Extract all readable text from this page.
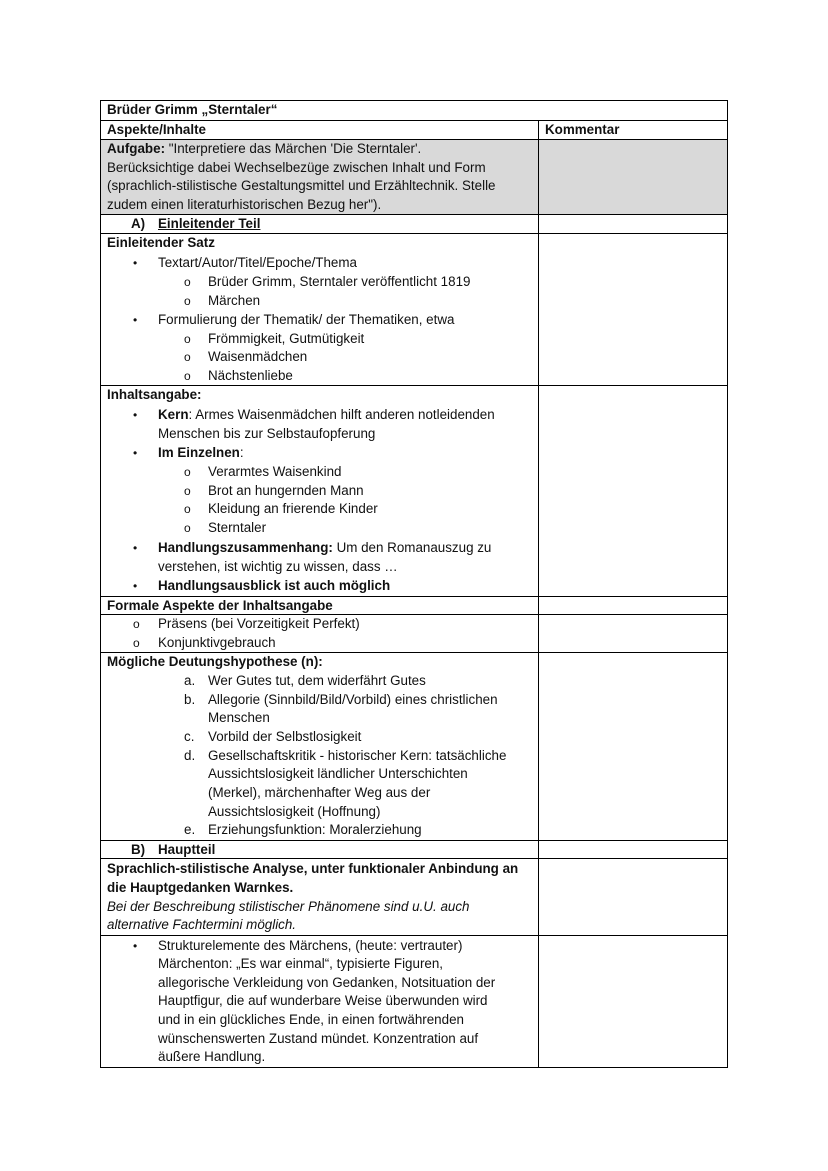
Brüder Grimm „Sterntaler“
Aspekte/Inhalte	Kommentar
Aufgabe: "Interpretiere das Märchen 'Die Sterntaler'.
Berücksichtige dabei Wechselbezüge zwischen Inhalt und Form
(sprachlich-stilistische Gestaltungsmittel und Erzähltechnik. Stelle
zudem einen literaturhistorischen Bezug her").
A) Einleitender Teil
Einleitender Satz
• Textart/Autor/Titel/Epoche/Thema
o Brüder Grimm, Sterntaler veröffentlicht 1819
o Märchen
• Formulierung der Thematik/ der Thematiken, etwa
o Frömmigkeit, Gutmütigkeit
o Waisenmädchen
o Nächstenliebe
Inhaltsangabe:
• Kern: Armes Waisenmädchen hilft anderen notleidenden
Menschen bis zur Selbstaufopferung
• Im Einzelnen:
o Verarmtes Waisenkind
o Brot an hungernden Mann
o Kleidung an frierende Kinder
o Sterntaler
• Handlungszusammenhang: Um den Romanauszug zu
verstehen, ist wichtig zu wissen, dass …
• Handlungsausblick ist auch möglich
Formale Aspekte der Inhaltsangabe
o Präsens (bei Vorzeitigkeit Perfekt)
o Konjunktivgebrauch
Mögliche Deutungshypothese (n):
a. Wer Gutes tut, dem widerfährt Gutes
b. Allegorie (Sinnbild/Bild/Vorbild) eines christlichen
Menschen
c. Vorbild der Selbstlosigkeit
d. Gesellschaftskritik - historischer Kern: tatsächliche
Aussichtslosigkeit ländlicher Unterschichten
(Merkel), märchenhafter Weg aus der
Aussichtslosigkeit (Hoffnung)
e. Erziehungsfunktion: Moralerziehung
B) Hauptteil
Sprachlich-stilistische Analyse, unter funktionaler Anbindung an
die Hauptgedanken Warnkes.
Bei der Beschreibung stilistischer Phänomene sind u.U. auch
alternative Fachtermini möglich.
• Strukturelemente des Märchens, (heute: vertrauter)
Märchenton: „Es war einmal“, typisierte Figuren,
allegorische Verkleidung von Gedanken, Notsituation der
Hauptfigur, die auf wunderbare Weise überwunden wird
und in ein glückliches Ende, in einen fortwährenden
wünschenswerten Zustand mündet. Konzentration auf
äußere Handlung.
